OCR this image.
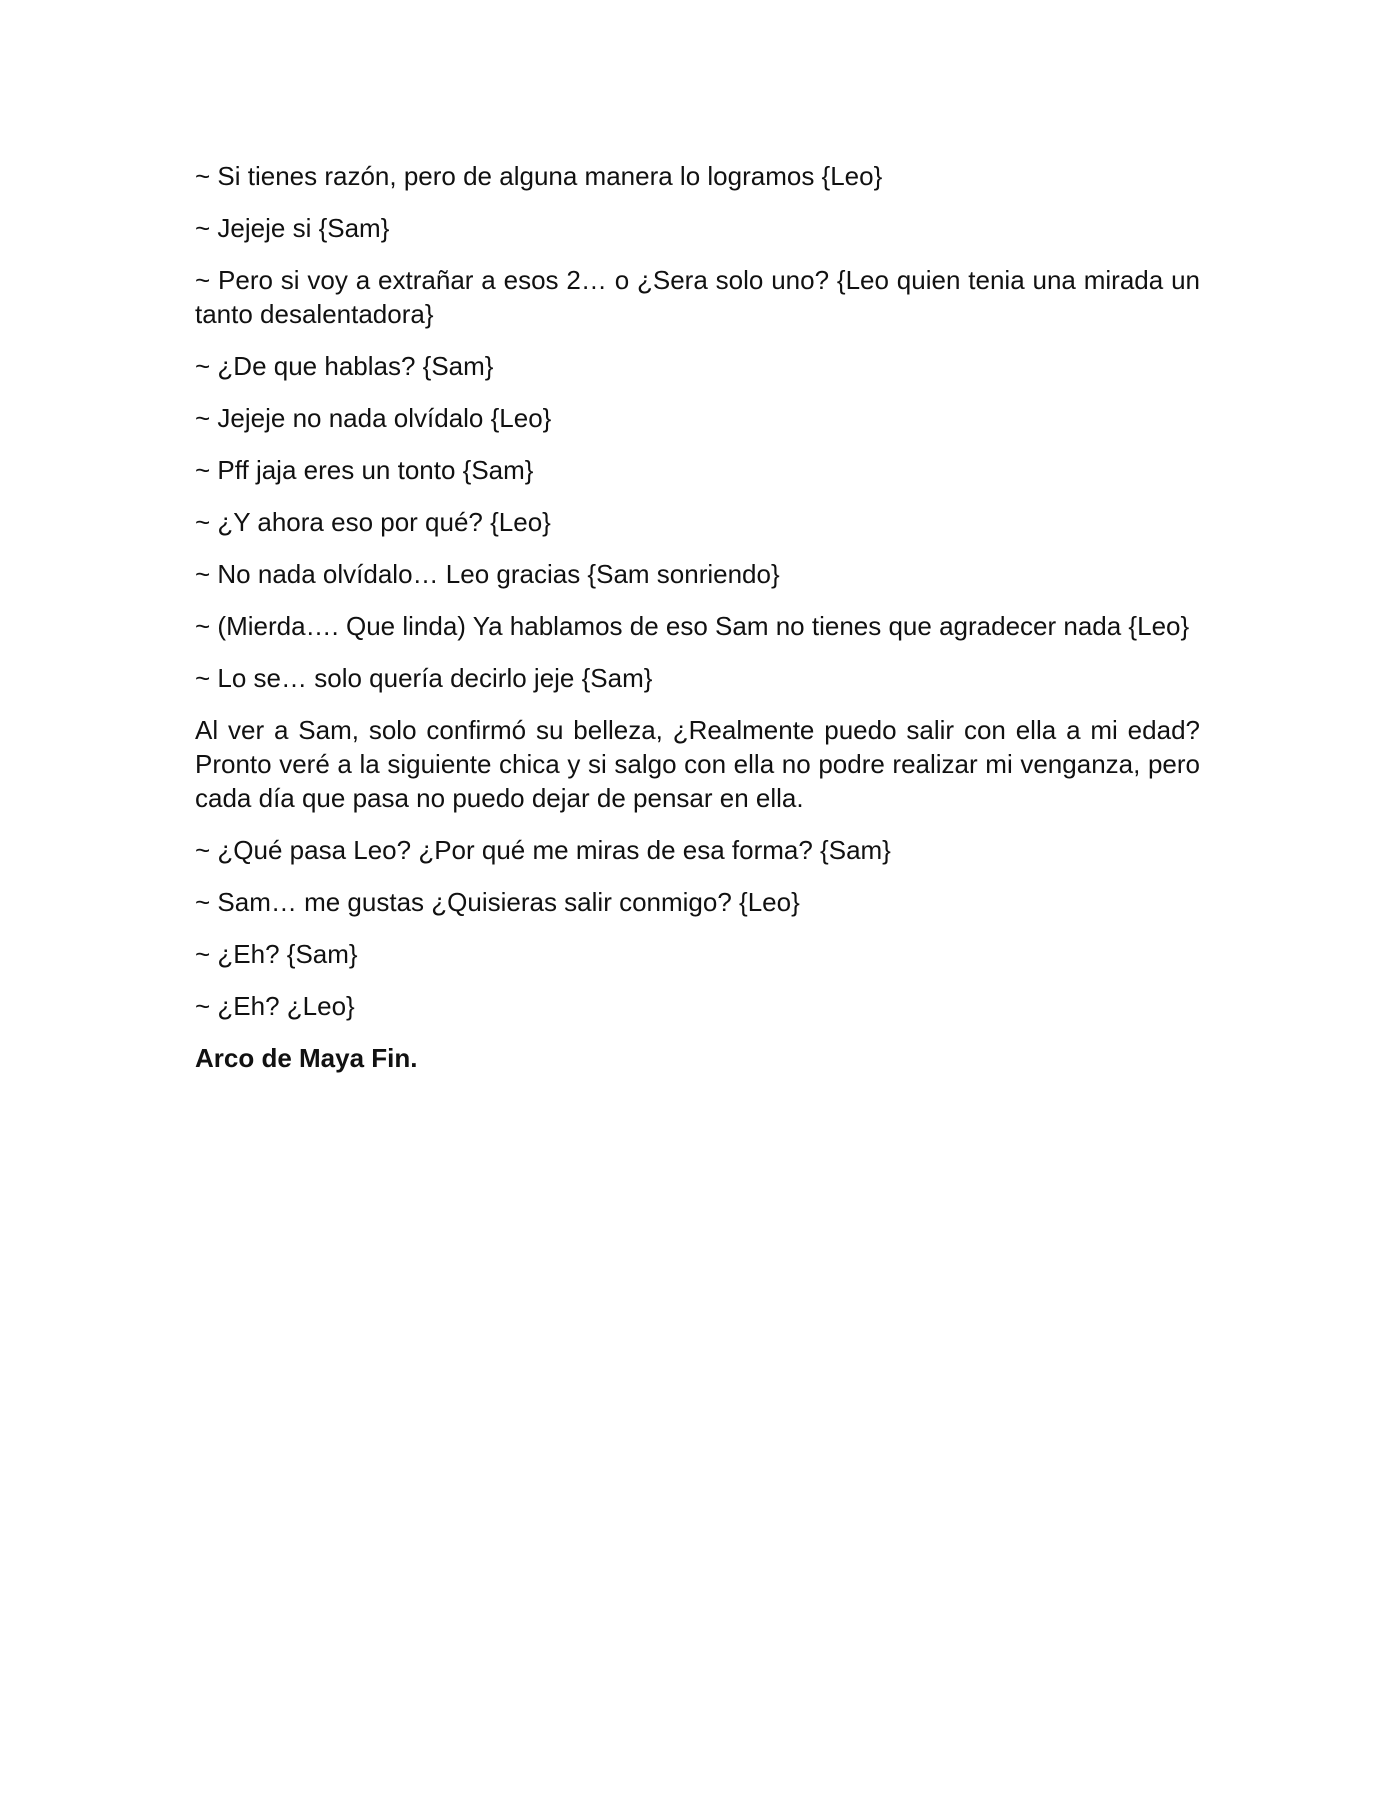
~ Si tienes razón, pero de alguna manera lo logramos {Leo}

~ Jejeje si {Sam}

~ Pero si voy a extrañar a esos 2… o ¿Sera solo uno? {Leo quien tenia una mirada un tanto desalentadora}

~ ¿De que hablas? {Sam}

~ Jejeje no nada olvídalo {Leo}

~ Pff jaja eres un tonto {Sam}

~ ¿Y ahora eso por qué? {Leo}

~ No nada olvídalo… Leo gracias {Sam sonriendo}

~ (Mierda…. Que linda) Ya hablamos de eso Sam no tienes que agradecer nada {Leo}

~ Lo se… solo quería decirlo jeje {Sam}

Al ver a Sam, solo confirmó su belleza, ¿Realmente puedo salir con ella a mi edad? Pronto veré a la siguiente chica y si salgo con ella no podre realizar mi venganza, pero cada día que pasa no puedo dejar de pensar en ella.

~ ¿Qué pasa Leo? ¿Por qué me miras de esa forma? {Sam}

~ Sam… me gustas ¿Quisieras salir conmigo? {Leo}

~ ¿Eh? {Sam}

~ ¿Eh? ¿Leo}

Arco de Maya Fin.
